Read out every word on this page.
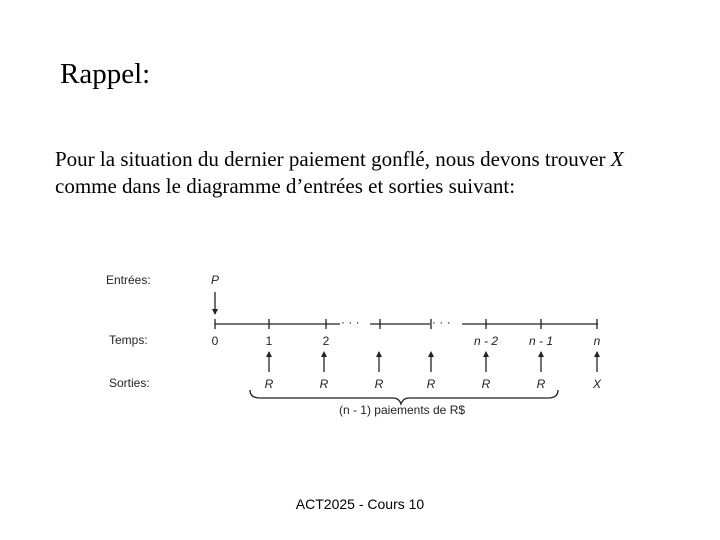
Rappel:
Pour la situation du dernier paiement gonflé, nous devons trouver X comme dans le diagramme d’entrées et sorties suivant:
Entrées:
Temps:
Sorties:
P
· · ·	· · ·
0	1	2	n - 2	n - 1	n
R	R	R	R	R	R	X
(n - 1) paiements de R$
ACT2025 - Cours 10
